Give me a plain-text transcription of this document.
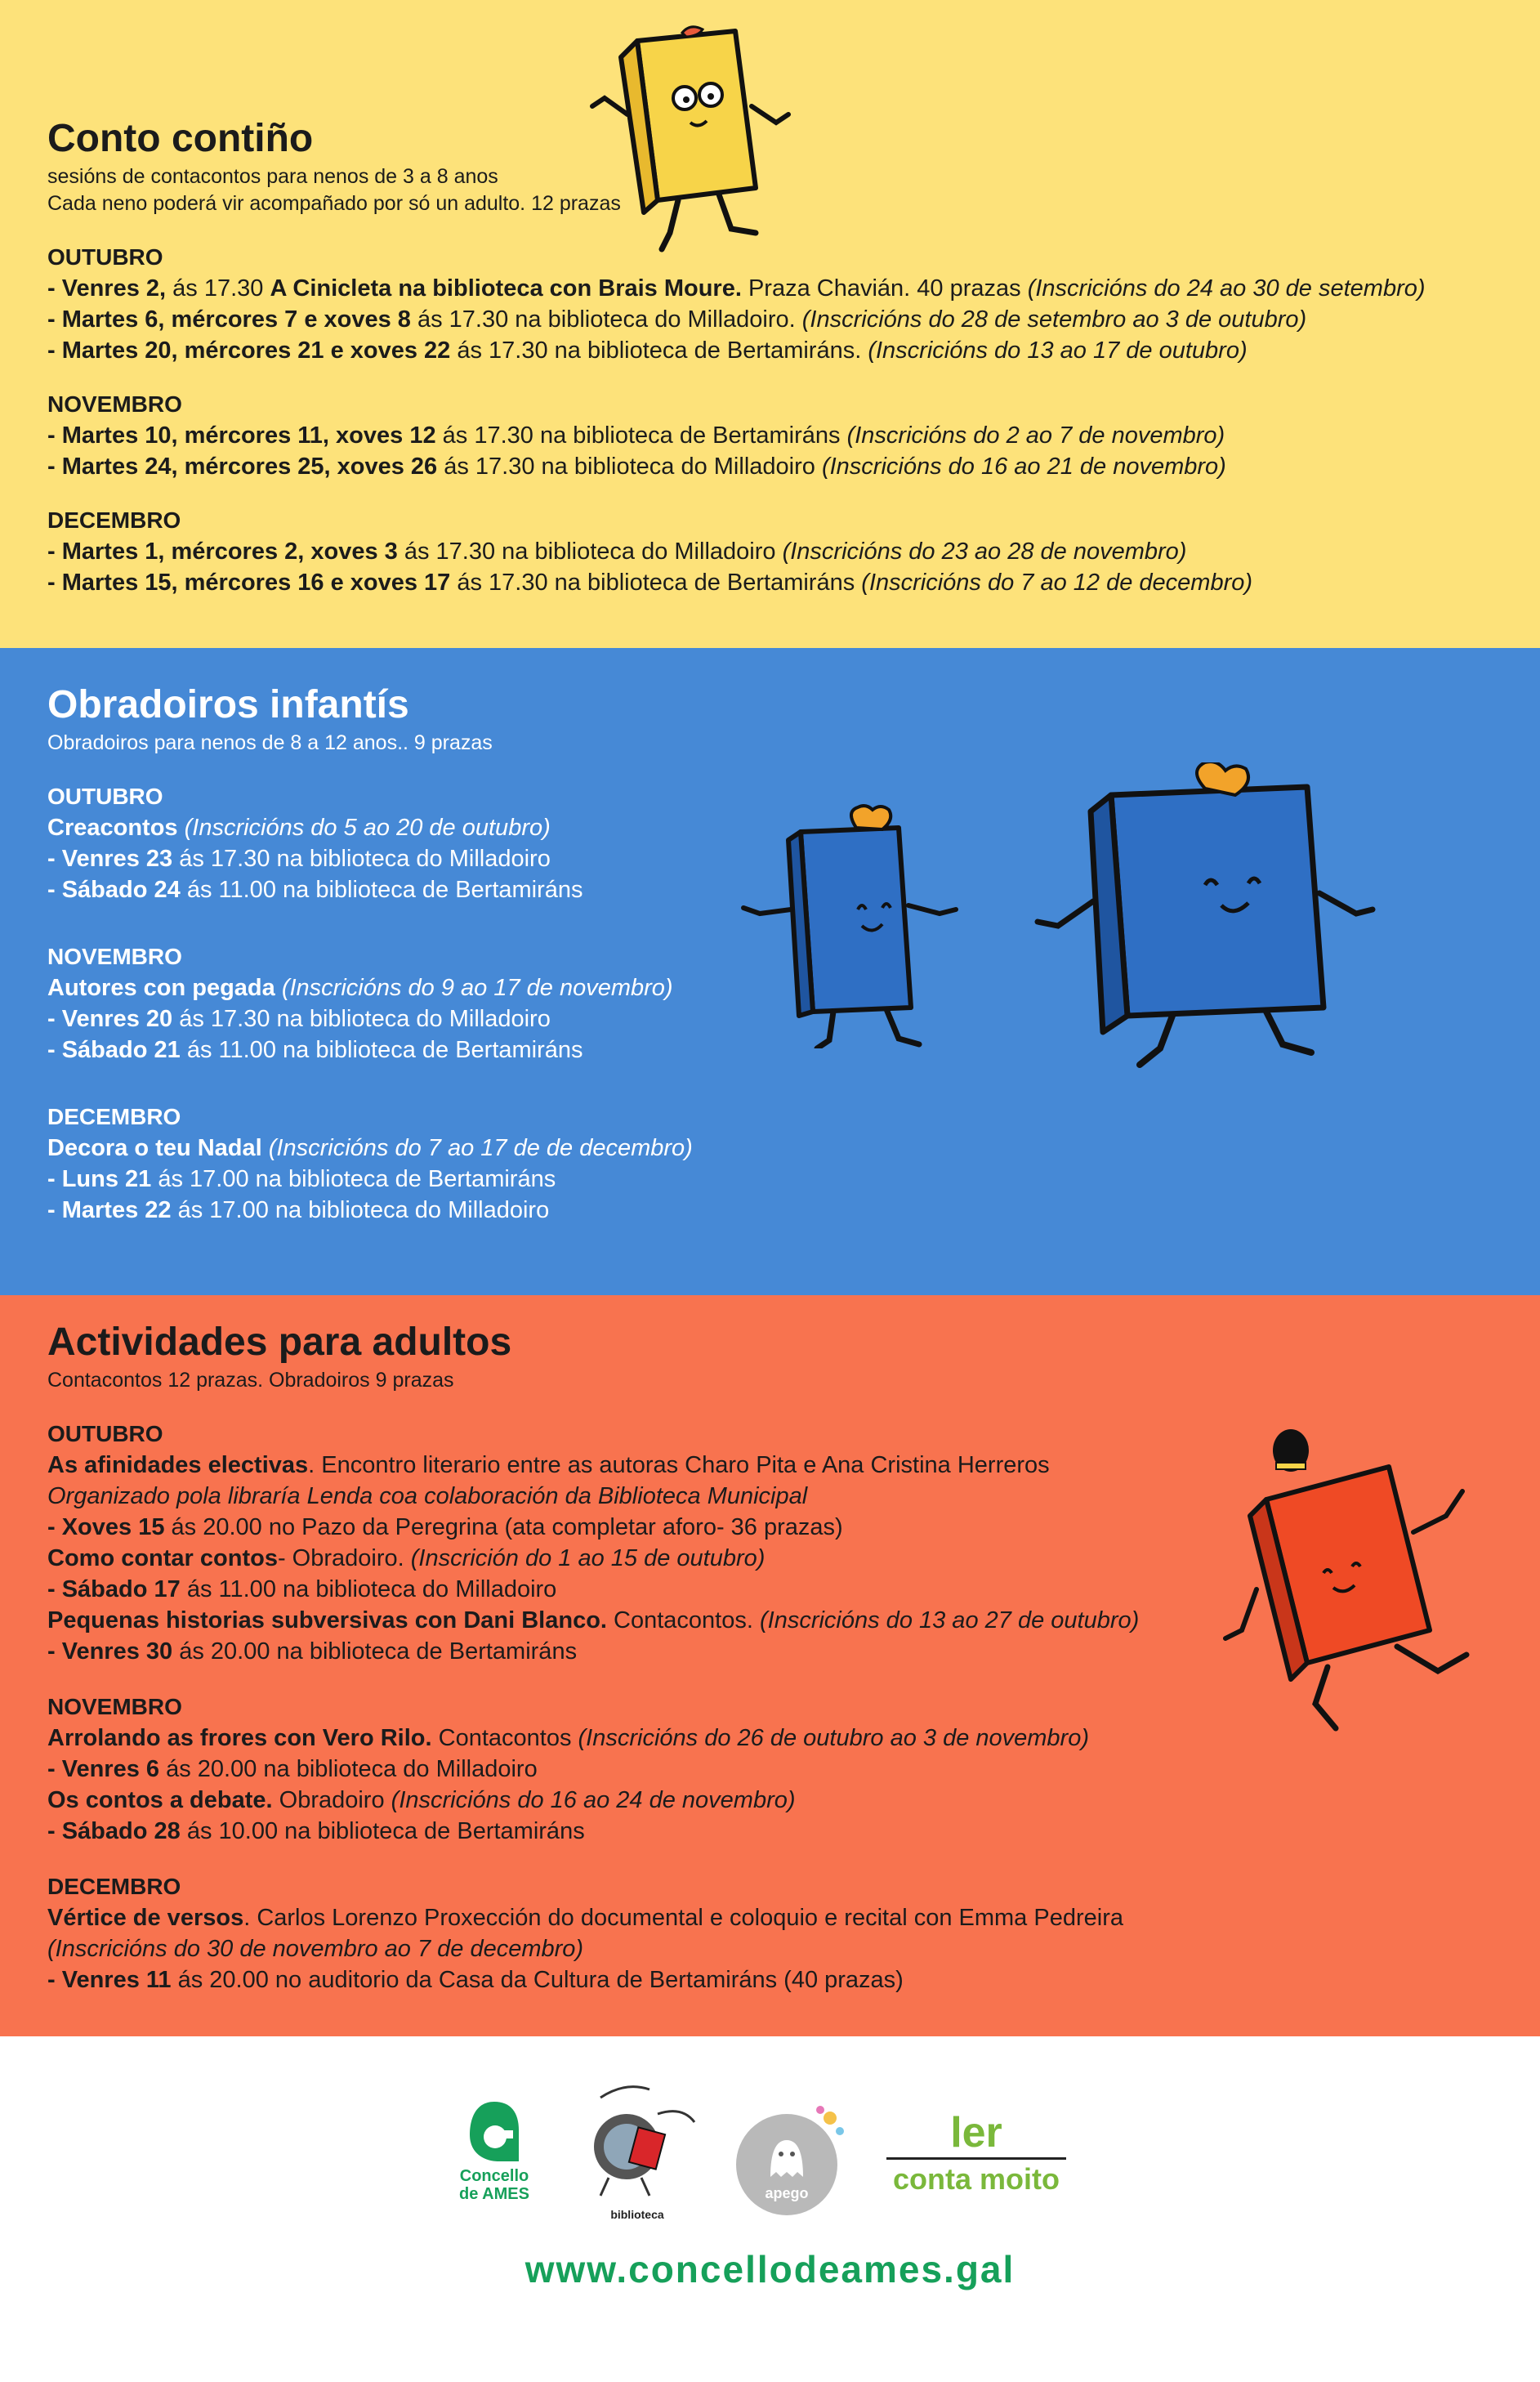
Conto contiño

sesións de contacontos para nenos de 3 a 8 anos

Cada neno poderá vir acompañado por só un adulto. 12 prazas

OUTUBRO

- Venres 2, ás 17.30 A Cinicleta na biblioteca con Brais Moure. Praza Chavián. 40 prazas (Inscricións do 24 ao 30 de setembro)

- Martes 6, mércores 7 e xoves 8 ás 17.30 na biblioteca do Milladoiro. (Inscricións do 28 de setembro ao 3 de outubro)

- Martes 20, mércores 21 e xoves 22 ás 17.30 na biblioteca de Bertamiráns. (Inscricións do 13 ao 17 de outubro)

NOVEMBRO

- Martes 10, mércores 11, xoves 12 ás 17.30 na biblioteca de Bertamiráns (Inscricións do 2 ao 7 de novembro)

- Martes 24, mércores 25, xoves 26 ás 17.30 na biblioteca do Milladoiro (Inscricións do 16 ao 21 de novembro)

DECEMBRO

- Martes 1, mércores 2, xoves 3 ás 17.30 na biblioteca do Milladoiro (Inscricións do 23 ao 28 de novembro)

- Martes 15, mércores 16 e xoves 17 ás 17.30 na biblioteca de Bertamiráns (Inscricións do 7 ao 12 de decembro)

Obradoiros infantís

Obradoiros para nenos de 8 a 12 anos.. 9 prazas

OUTUBRO

Creacontos (Inscricións do 5 ao 20 de outubro)

- Venres 23 ás 17.30 na biblioteca do Milladoiro

- Sábado 24 ás 11.00 na biblioteca de Bertamiráns

NOVEMBRO

Autores con pegada (Inscricións do 9 ao 17 de novembro)

- Venres 20 ás 17.30 na biblioteca do Milladoiro

- Sábado 21 ás 11.00 na biblioteca de Bertamiráns

DECEMBRO

Decora o teu Nadal (Inscricións do 7 ao 17 de de decembro)

- Luns 21 ás 17.00 na biblioteca de Bertamiráns

- Martes 22 ás 17.00 na biblioteca do Milladoiro

Actividades para adultos

Contacontos 12 prazas. Obradoiros 9 prazas

OUTUBRO

As afinidades electivas. Encontro literario entre as autoras Charo Pita e Ana Cristina Herreros

Organizado pola libraría Lenda coa colaboración da Biblioteca Municipal

- Xoves 15 ás 20.00 no Pazo da Peregrina (ata completar aforo- 36 prazas)

Como contar contos- Obradoiro. (Inscrición do 1 ao 15 de outubro)

- Sábado 17 ás 11.00 na biblioteca do Milladoiro

Pequenas historias subversivas con Dani Blanco. Contacontos. (Inscricións do 13 ao 27 de outubro)

- Venres 30 ás 20.00 na biblioteca de Bertamiráns

NOVEMBRO

Arrolando as frores con Vero Rilo. Contacontos (Inscricións do 26 de outubro ao 3 de novembro)

- Venres 6 ás 20.00 na biblioteca do Milladoiro

Os contos a debate. Obradoiro (Inscricións do 16 ao 24 de novembro)

- Sábado 28 ás 10.00 na biblioteca de Bertamiráns

DECEMBRO

Vértice de versos. Carlos Lorenzo Proxección do documental e coloquio e recital con Emma Pedreira

(Inscricións do 30 de novembro ao 7 de decembro)

- Venres 11 ás 20.00 no auditorio da Casa da Cultura de Bertamiráns (40 prazas)

Concello
de AMES
biblioteca
apego
ler
conta moito
www.concellodeames.gal
